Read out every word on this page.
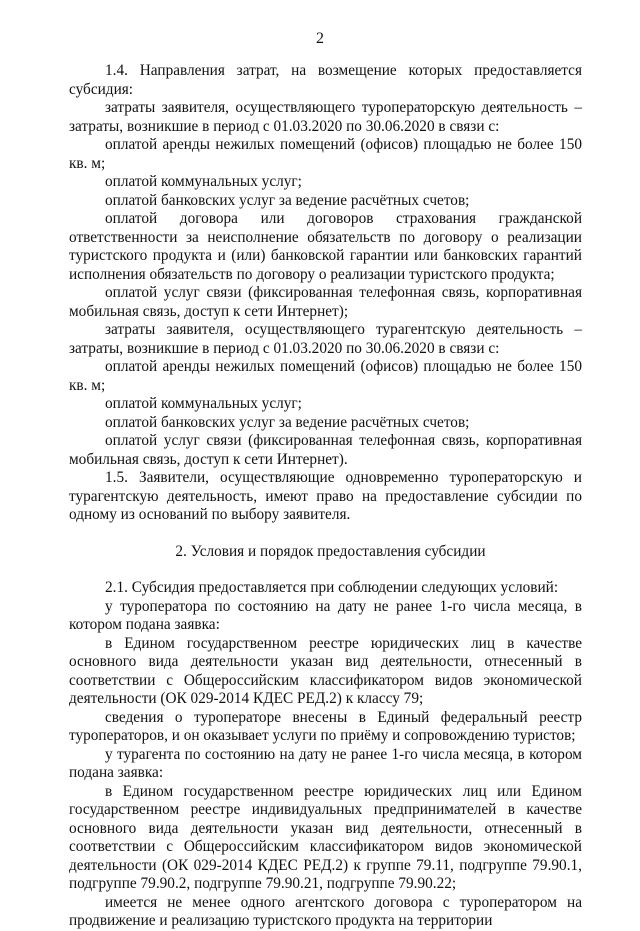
2

1.4. Направления затрат, на возмещение которых предоставляется субсидия:

затраты заявителя, осуществляющего туроператорскую деятельность – затраты, возникшие в период с 01.03.2020 по 30.06.2020 в связи с:

оплатой аренды нежилых помещений (офисов) площадью не более 150 кв. м;

оплатой коммунальных услуг;

оплатой банковских услуг за ведение расчётных счетов;

оплатой договора или договоров страхования гражданской ответственности за неисполнение обязательств по договору о реализации туристского продукта и (или) банковской гарантии или банковских гарантий исполнения обязательств по договору о реализации туристского продукта;

оплатой услуг связи (фиксированная телефонная связь, корпоративная мобильная связь, доступ к сети Интернет);

затраты заявителя, осуществляющего турагентскую деятельность – затраты, возникшие в период с 01.03.2020 по 30.06.2020 в связи с:

оплатой аренды нежилых помещений (офисов) площадью не более 150 кв. м;

оплатой коммунальных услуг;

оплатой банковских услуг за ведение расчётных счетов;

оплатой услуг связи (фиксированная телефонная связь, корпоративная мобильная связь, доступ к сети Интернет).

1.5. Заявители, осуществляющие одновременно туроператорскую и турагентскую деятельность, имеют право на предоставление субсидии по одному из оснований по выбору заявителя.

2. Условия и порядок предоставления субсидии

2.1. Субсидия предоставляется при соблюдении следующих условий:

у туроператора по состоянию на дату не ранее 1-го числа месяца, в котором подана заявка:

в Едином государственном реестре юридических лиц в качестве основного вида деятельности указан вид деятельности, отнесенный в соответствии с Общероссийским классификатором видов экономической деятельности (ОК 029-2014 КДЕС РЕД.2) к классу 79;

сведения о туроператоре внесены в Единый федеральный реестр туроператоров, и он оказывает услуги по приёму и сопровождению туристов;

у турагента по состоянию на дату не ранее 1-го числа месяца, в котором подана заявка:

в Едином государственном реестре юридических лиц или Едином государственном реестре индивидуальных предпринимателей в качестве основного вида деятельности указан вид деятельности, отнесенный в соответствии с Общероссийским классификатором видов экономической деятельности (ОК 029-2014 КДЕС РЕД.2) к группе 79.11, подгруппе 79.90.1, подгруппе 79.90.2, подгруппе 79.90.21, подгруппе 79.90.22;

имеется не менее одного агентского договора с туроператором на продвижение и реализацию туристского продукта на территории
